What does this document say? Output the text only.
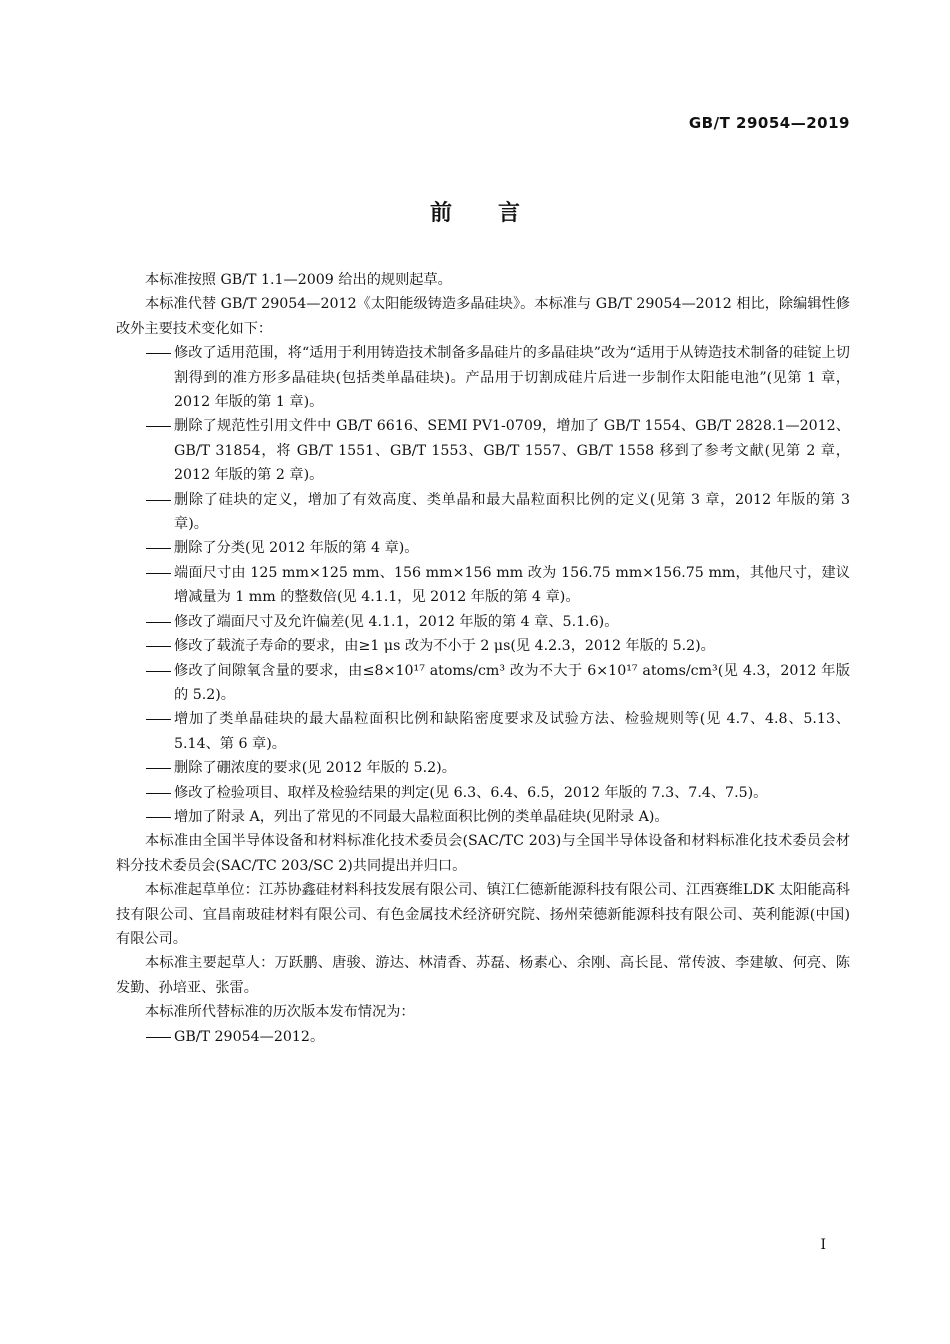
GB/T 29054—2019
前言

本标准按照 GB/T 1.1—2009 给出的规则起草。

本标准代替 GB/T 29054—2012《太阳能级铸造多晶硅块》。本标准与 GB/T 29054—2012 相比，除编辑性修改外主要技术变化如下：

修改了适用范围，将“适用于利用铸造技术制备多晶硅片的多晶硅块”改为“适用于从铸造技术制备的硅锭上切割得到的准方形多晶硅块(包括类单晶硅块)。产品用于切割成硅片后进一步制作太阳能电池”(见第 1 章，2012 年版的第 1 章)。

删除了规范性引用文件中 GB/T 6616、SEMI PV1-0709，增加了 GB/T 1554、GB/T 2828.1—2012、GB/T 31854，将 GB/T 1551、GB/T 1553、GB/T 1557、GB/T 1558 移到了参考文献(见第 2 章，2012 年版的第 2 章)。

删除了硅块的定义，增加了有效高度、类单晶和最大晶粒面积比例的定义(见第 3 章，2012 年版的第 3 章)。

删除了分类(见 2012 年版的第 4 章)。

端面尺寸由 125 mm×125 mm、156 mm×156 mm 改为 156.75 mm×156.75 mm，其他尺寸，建议增减量为 1 mm 的整数倍(见 4.1.1，见 2012 年版的第 4 章)。

修改了端面尺寸及允许偏差(见 4.1.1，2012 年版的第 4 章、5.1.6)。

修改了载流子寿命的要求，由≥1 μs 改为不小于 2 μs(见 4.2.3，2012 年版的 5.2)。

修改了间隙氧含量的要求，由≤8×10¹⁷ atoms/cm³ 改为不大于 6×10¹⁷ atoms/cm³(见 4.3，2012 年版的 5.2)。

增加了类单晶硅块的最大晶粒面积比例和缺陷密度要求及试验方法、检验规则等(见 4.7、4.8、5.13、5.14、第 6 章)。

删除了硼浓度的要求(见 2012 年版的 5.2)。

修改了检验项目、取样及检验结果的判定(见 6.3、6.4、6.5，2012 年版的 7.3、7.4、7.5)。

增加了附录 A，列出了常见的不同最大晶粒面积比例的类单晶硅块(见附录 A)。

本标准由全国半导体设备和材料标准化技术委员会(SAC/TC 203)与全国半导体设备和材料标准化技术委员会材料分技术委员会(SAC/TC 203/SC 2)共同提出并归口。

本标准起草单位：江苏协鑫硅材料科技发展有限公司、镇江仁德新能源科技有限公司、江西赛维LDK 太阳能高科技有限公司、宜昌南玻硅材料有限公司、有色金属技术经济研究院、扬州荣德新能源科技有限公司、英利能源(中国)有限公司。

本标准主要起草人：万跃鹏、唐骏、游达、林清香、苏磊、杨素心、余刚、高长昆、常传波、李建敏、何亮、陈发勤、孙培亚、张雷。

本标准所代替标准的历次版本发布情况为：

GB/T 29054—2012。

I
